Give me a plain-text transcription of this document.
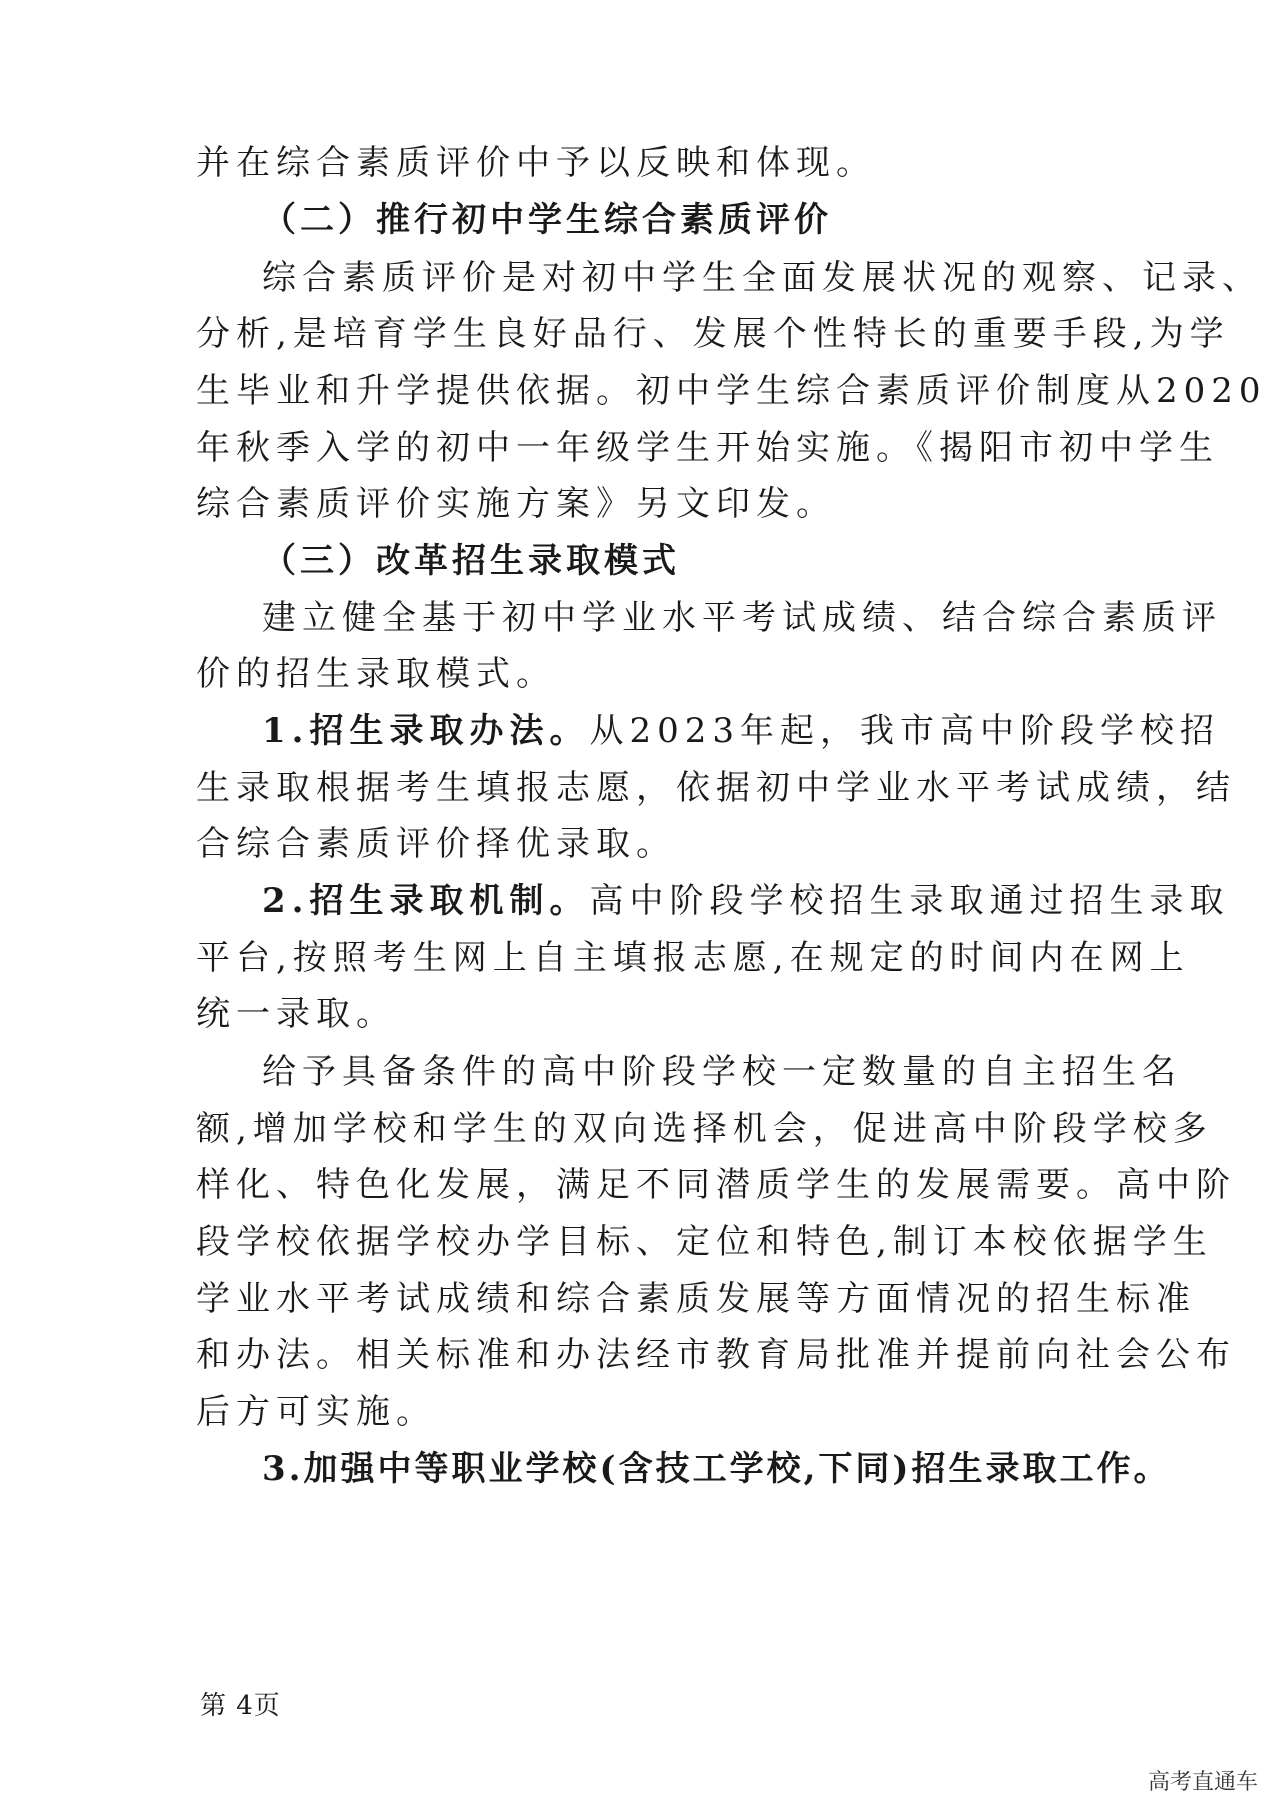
并在综合素质评价中予以反映和体现。
（二）推行初中学生综合素质评价
综合素质评价是对初中学生全面发展状况的观察、记录、
分析,是培育学生良好品行、发展个性特长的重要手段,为学
生毕业和升学提供依据。初中学生综合素质评价制度从2020
年秋季入学的初中一年级学生开始实施。《揭阳市初中学生
综合素质评价实施方案》另文印发。
（三）改革招生录取模式
建立健全基于初中学业水平考试成绩、结合综合素质评
价的招生录取模式。
1.招生录取办法。从2023年起，我市高中阶段学校招
生录取根据考生填报志愿，依据初中学业水平考试成绩，结
合综合素质评价择优录取。
2.招生录取机制。高中阶段学校招生录取通过招生录取
平台,按照考生网上自主填报志愿,在规定的时间内在网上
统一录取。
给予具备条件的高中阶段学校一定数量的自主招生名
额,增加学校和学生的双向选择机会，促进高中阶段学校多
样化、特色化发展，满足不同潜质学生的发展需要。高中阶
段学校依据学校办学目标、定位和特色,制订本校依据学生
学业水平考试成绩和综合素质发展等方面情况的招生标准
和办法。相关标准和办法经市教育局批准并提前向社会公布
后方可实施。
3.加强中等职业学校(含技工学校,下同)招生录取工作。
第 4页
高考直通车
